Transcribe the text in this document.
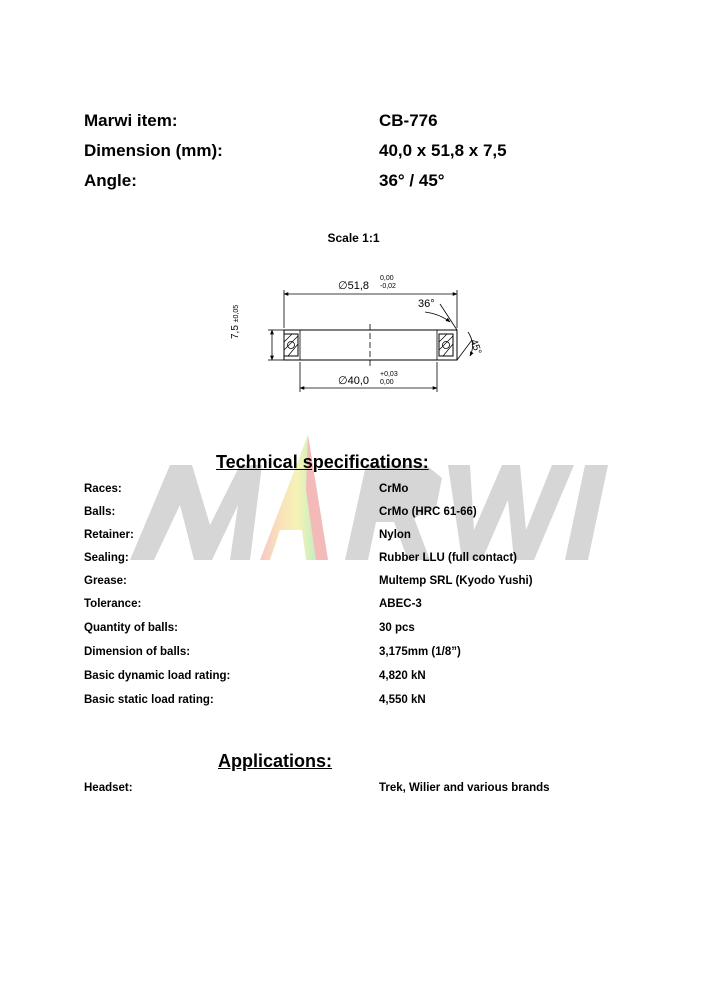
Marwi item:	CB-776
Dimension (mm):	40,0 x 51,8 x 7,5
Angle:	36° / 45°
Scale 1:1
∅51,8
0,00
-0,02
∅40,0
+0,03
0,00
7,5 ±0,05
36°
45°
Technical specifications:
Races:	CrMo
Balls:	CrMo (HRC 61-66)
Retainer:	Nylon
Sealing:	Rubber LLU (full contact)
Grease:	Multemp SRL (Kyodo Yushi)
Tolerance:	ABEC-3
Quantity of balls:	30 pcs
Dimension of balls:	3,175mm (1/8”)
Basic dynamic load rating:	4,820 kN
Basic static load rating:	4,550 kN
Applications:
Headset:	Trek, Wilier and various brands
